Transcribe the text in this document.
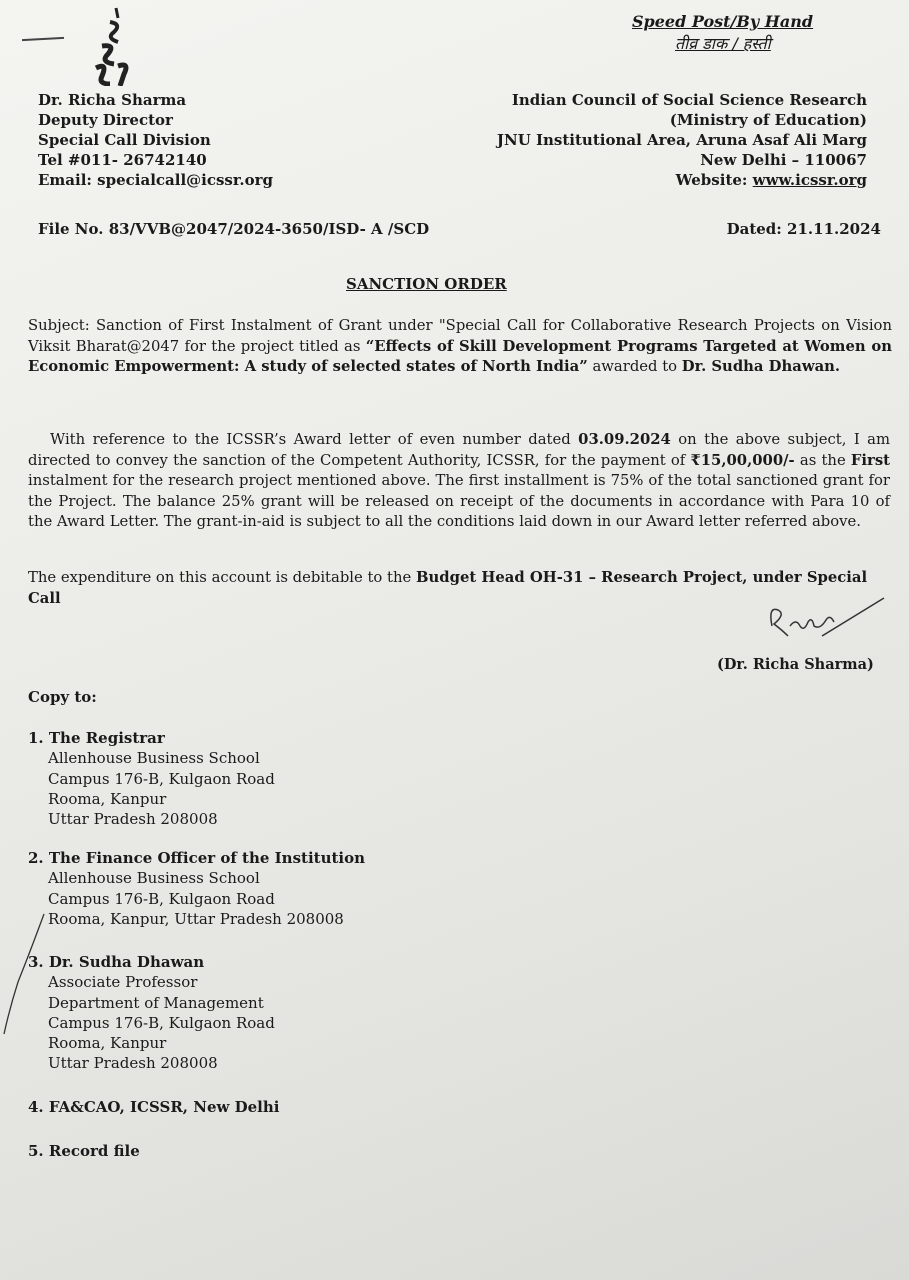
Speed Post/By Hand
तीव्र डाक / हस्ती
Dr. Richa Sharma
Deputy Director
Special Call Division
Tel #011- 26742140
Email: specialcall@icssr.org
Indian Council of Social Science Research
(Ministry of Education)
JNU Institutional Area, Aruna Asaf Ali Marg
New Delhi – 110067
Website: www.icssr.org
File No. 83/VVB@2047/2024-3650/ISD- A /SCD	Dated: 21.11.2024
SANCTION ORDER
Subject: Sanction of First Instalment of Grant under "Special Call for Collaborative Research Projects on Vision Viksit Bharat@2047 for the project titled as “Effects of Skill Development Programs Targeted at Women on Economic Empowerment: A study of selected states of North India” awarded to Dr. Sudha Dhawan.
With reference to the ICSSR’s Award letter of even number dated 03.09.2024 on the above subject, I am directed to convey the sanction of the Competent Authority, ICSSR, for the payment of ₹15,00,000/- as the First instalment for the research project mentioned above. The first installment is 75% of the total sanctioned grant for the Project. The balance 25% grant will be released on receipt of the documents in accordance with Para 10 of the Award Letter. The grant-in-aid is subject to all the conditions laid down in our Award letter referred above.
The expenditure on this account is debitable to the Budget Head OH-31 – Research Project, under Special Call
(Dr. Richa Sharma)
Copy to:
1. The Registrar
Allenhouse Business School
Campus 176-B, Kulgaon Road
Rooma, Kanpur
Uttar Pradesh 208008
2. The Finance Officer of the Institution
Allenhouse Business School
Campus 176-B, Kulgaon Road
Rooma, Kanpur, Uttar Pradesh 208008
3. Dr. Sudha Dhawan
Associate Professor
Department of Management
Campus 176-B, Kulgaon Road
Rooma, Kanpur
Uttar Pradesh 208008
4. FA&CAO, ICSSR, New Delhi
5. Record file
